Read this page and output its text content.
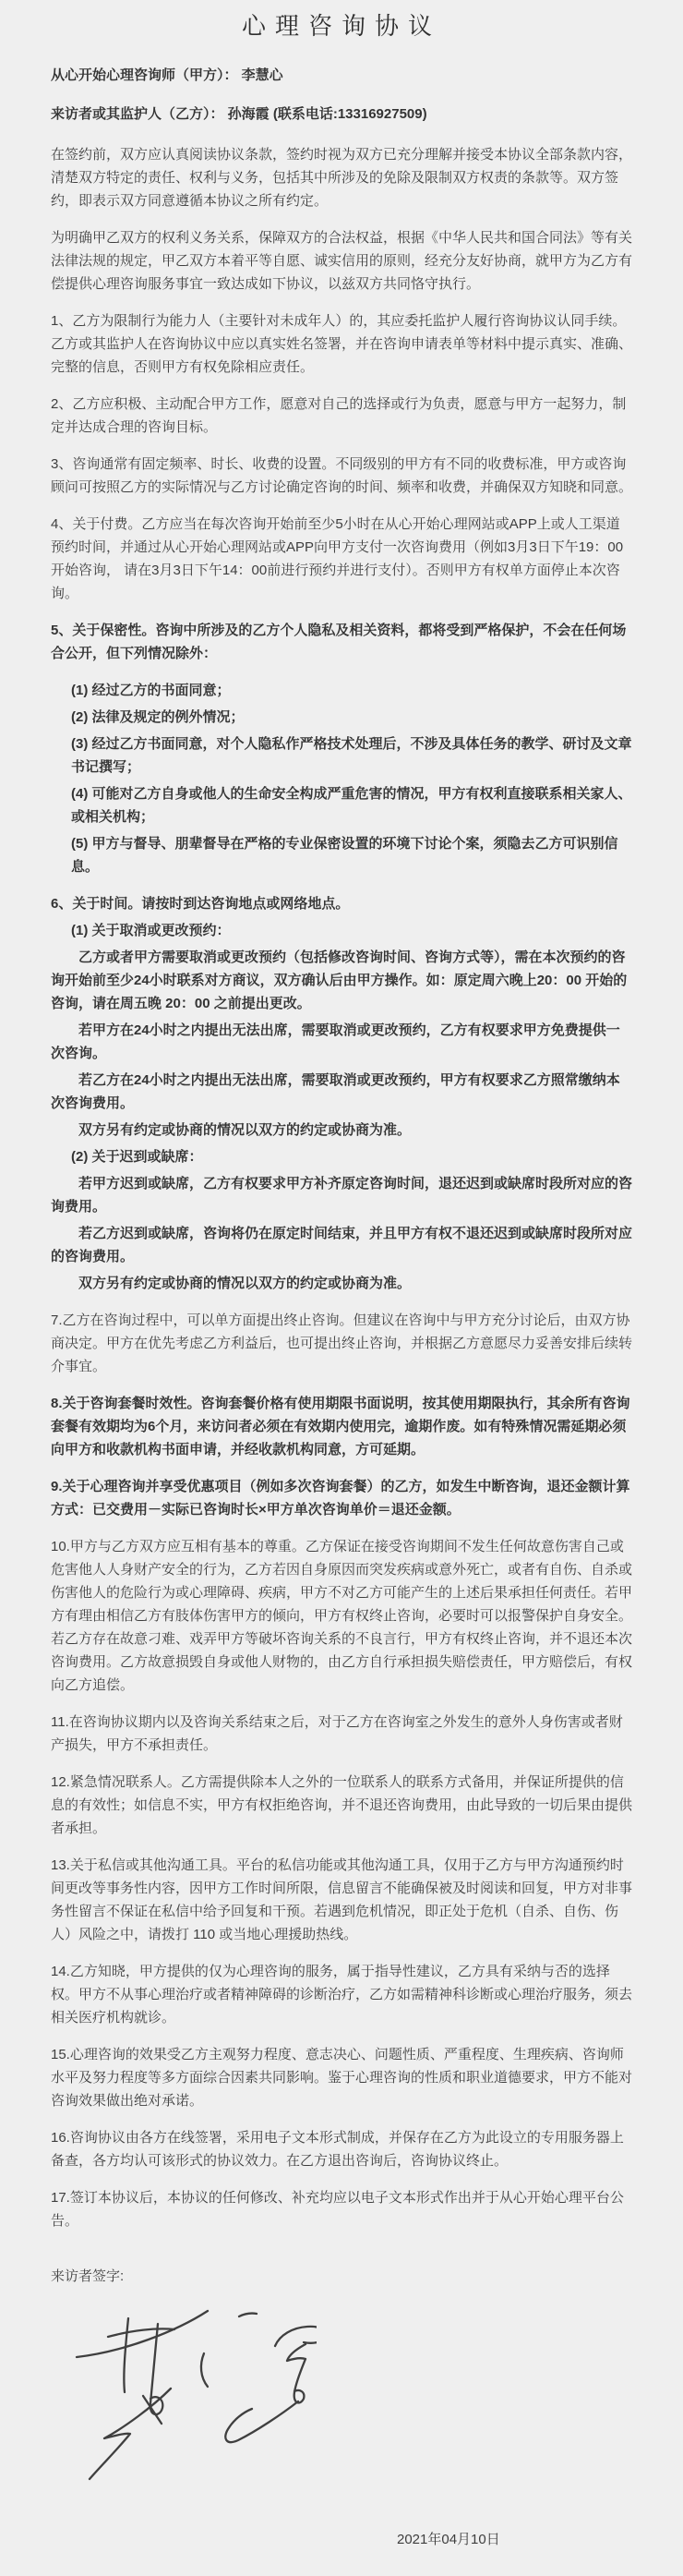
心理咨询协议
从心开始心理咨询师（甲方）： 李慧心
来访者或其监护人（乙方）： 孙海霞 (联系电话:13316927509)

在签约前，双方应认真阅读协议条款，签约时视为双方已充分理解并接受本协议全部条款内容，清楚双方特定的责任、权利与义务，包括其中所涉及的免除及限制双方权责的条款等。双方签约，即表示双方同意遵循本协议之所有约定。

为明确甲乙双方的权利义务关系，保障双方的合法权益，根据《中华人民共和国合同法》等有关法律法规的规定，甲乙双方本着平等自愿、诚实信用的原则，经充分友好协商，就甲方为乙方有偿提供心理咨询服务事宜一致达成如下协议，以兹双方共同恪守执行。

1、乙方为限制行为能力人（主要针对未成年人）的，其应委托监护人履行咨询协议认同手续。乙方或其监护人在咨询协议中应以真实姓名签署，并在咨询申请表单等材料中提示真实、准确、完整的信息，否则甲方有权免除相应责任。

2、乙方应积极、主动配合甲方工作，愿意对自己的选择或行为负责，愿意与甲方一起努力，制定并达成合理的咨询目标。

3、咨询通常有固定频率、时长、收费的设置。不同级别的甲方有不同的收费标准，甲方或咨询顾问可按照乙方的实际情况与乙方讨论确定咨询的时间、频率和收费，并确保双方知晓和同意。

4、关于付费。乙方应当在每次咨询开始前至少5小时在从心开始心理网站或APP上或人工渠道预约时间，并通过从心开始心理网站或APP向甲方支付一次咨询费用（例如3月3日下午19：00开始咨询， 请在3月3日下午14：00前进行预约并进行支付）。否则甲方有权单方面停止本次咨询。

5、关于保密性。咨询中所涉及的乙方个人隐私及相关资料，都将受到严格保护，不会在任何场合公开，但下列情况除外：

(1) 经过乙方的书面同意；

(2) 法律及规定的例外情况；

(3) 经过乙方书面同意，对个人隐私作严格技术处理后，不涉及具体任务的教学、研讨及文章书记撰写；

(4) 可能对乙方自身或他人的生命安全构成严重危害的情况，甲方有权利直接联系相关家人、或相关机构；

(5) 甲方与督导、朋辈督导在严格的专业保密设置的环境下讨论个案，须隐去乙方可识别信息。

6、关于时间。请按时到达咨询地点或网络地点。

(1) 关于取消或更改预约：

乙方或者甲方需要取消或更改预约（包括修改咨询时间、咨询方式等），需在本次预约的咨询开始前至少24小时联系对方商议，双方确认后由甲方操作。如：原定周六晚上20：00 开始的咨询，请在周五晚 20：00 之前提出更改。

若甲方在24小时之内提出无法出席，需要取消或更改预约，乙方有权要求甲方免费提供一次咨询。

若乙方在24小时之内提出无法出席，需要取消或更改预约，甲方有权要求乙方照常缴纳本次咨询费用。

双方另有约定或协商的情况以双方的约定或协商为准。

(2) 关于迟到或缺席：

若甲方迟到或缺席，乙方有权要求甲方补齐原定咨询时间，退还迟到或缺席时段所对应的咨询费用。

若乙方迟到或缺席，咨询将仍在原定时间结束，并且甲方有权不退还迟到或缺席时段所对应的咨询费用。

双方另有约定或协商的情况以双方的约定或协商为准。

7.乙方在咨询过程中，可以单方面提出终止咨询。但建议在咨询中与甲方充分讨论后，由双方协商决定。甲方在优先考虑乙方利益后，也可提出终止咨询，并根据乙方意愿尽力妥善安排后续转介事宜。

8.关于咨询套餐时效性。咨询套餐价格有使用期限书面说明，按其使用期限执行，其余所有咨询套餐有效期均为6个月，来访问者必须在有效期内使用完，逾期作废。如有特殊情况需延期必须向甲方和收款机构书面申请，并经收款机构同意，方可延期。

9.关于心理咨询并享受优惠项目（例如多次咨询套餐）的乙方，如发生中断咨询，退还金额计算方式：已交费用－实际已咨询时长×甲方单次咨询单价＝退还金额。

10.甲方与乙方双方应互相有基本的尊重。乙方保证在接受咨询期间不发生任何故意伤害自己或危害他人人身财产安全的行为，乙方若因自身原因而突发疾病或意外死亡，或者有自伤、自杀或伤害他人的危险行为或心理障碍、疾病，甲方不对乙方可能产生的上述后果承担任何责任。若甲方有理由相信乙方有肢体伤害甲方的倾向，甲方有权终止咨询，必要时可以报警保护自身安全。若乙方存在故意刁难、戏弄甲方等破坏咨询关系的不良言行，甲方有权终止咨询，并不退还本次咨询费用。乙方故意损毁自身或他人财物的，由乙方自行承担损失赔偿责任，甲方赔偿后，有权向乙方追偿。

11.在咨询协议期内以及咨询关系结束之后，对于乙方在咨询室之外发生的意外人身伤害或者财产损失，甲方不承担责任。

12.紧急情况联系人。乙方需提供除本人之外的一位联系人的联系方式备用，并保证所提供的信息的有效性；如信息不实，甲方有权拒绝咨询，并不退还咨询费用，由此导致的一切后果由提供者承担。

13.关于私信或其他沟通工具。平台的私信功能或其他沟通工具，仅用于乙方与甲方沟通预约时间更改等事务性内容，因甲方工作时间所限，信息留言不能确保被及时阅读和回复，甲方对非事务性留言不保证在私信中给予回复和干预。若遇到危机情况，即正处于危机（自杀、自伤、伤人）风险之中，请拨打 110 或当地心理援助热线。

14.乙方知晓，甲方提供的仅为心理咨询的服务，属于指导性建议，乙方具有采纳与否的选择权。甲方不从事心理治疗或者精神障碍的诊断治疗，乙方如需精神科诊断或心理治疗服务，须去相关医疗机构就诊。

15.心理咨询的效果受乙方主观努力程度、意志决心、问题性质、严重程度、生理疾病、咨询师水平及努力程度等多方面综合因素共同影响。鉴于心理咨询的性质和职业道德要求，甲方不能对咨询效果做出绝对承诺。

16.咨询协议由各方在线签署，采用电子文本形式制成，并保存在乙方为此设立的专用服务器上备查，各方均认可该形式的协议效力。在乙方退出咨询后，咨询协议终止。

17.签订本协议后，本协议的任何修改、补充均应以电子文本形式作出并于从心开始心理平台公告。

来访者签字:
2021年04月10日
